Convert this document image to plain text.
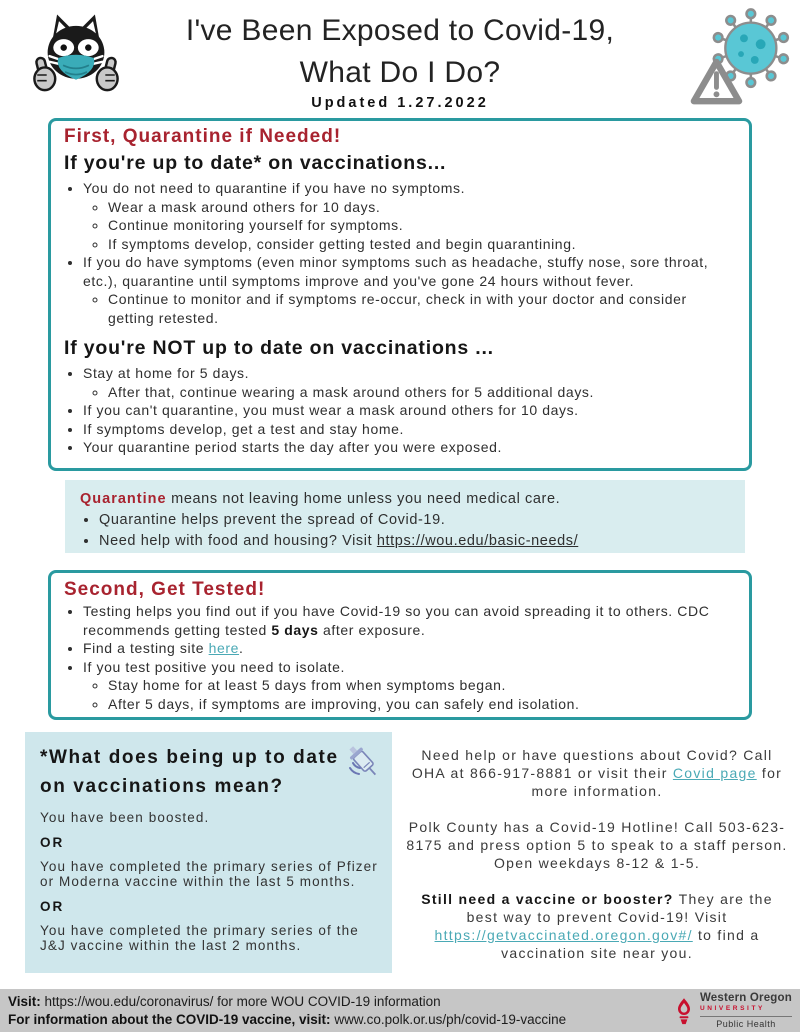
I've Been Exposed to Covid-19,
What Do I Do?
Updated 1.27.2022
First, Quarantine if Needed!
If you're up to date* on vaccinations...
• You do not need to quarantine if you have no symptoms.
◦ Wear a mask around others for 10 days.
◦ Continue monitoring yourself for symptoms.
◦ If symptoms develop, consider getting tested and begin quarantining.
• If you do have symptoms (even minor symptoms such as headache, stuffy nose, sore throat, etc.), quarantine until symptoms improve and you've gone 24 hours without fever.
◦ Continue to monitor and if symptoms re-occur, check in with your doctor and consider getting retested.
If you're NOT up to date on vaccinations ...
• Stay at home for 5 days.
◦ After that, continue wearing a mask around others for 5 additional days.
• If you can't quarantine, you must wear a mask around others for 10 days.
• If symptoms develop, get a test and stay home.
• Your quarantine period starts the day after you were exposed.
Quarantine means not leaving home unless you need medical care.
• Quarantine helps prevent the spread of Covid-19.
• Need help with food and housing? Visit https://wou.edu/basic-needs/
Second, Get Tested!
• Testing helps you find out if you have Covid-19 so you can avoid spreading it to others. CDC recommends getting tested 5 days after exposure.
• Find a testing site here.
• If you test positive you need to isolate.
◦ Stay home for at least 5 days from when symptoms began.
◦ After 5 days, if symptoms are improving, you can safely end isolation.
*What does being up to date
on vaccinations mean?

You have been boosted.

OR

You have completed the primary series of Pfizer or Moderna vaccine within the last 5 months.

OR

You have completed the primary series of the J&J vaccine within the last 2 months.

Need help or have questions about Covid? Call OHA at 866-917-8881 or visit their Covid page for more information.

Polk County has a Covid-19 Hotline! Call 503-623-8175 and press option 5 to speak to a staff person. Open weekdays 8-12 & 1-5.

Still need a vaccine or booster? They are the best way to prevent Covid-19! Visit https://getvaccinated.oregon.gov#/ to find a vaccination site near you.

Visit: https://wou.edu/coronavirus/ for more WOU COVID-19 information
For information about the COVID-19 vaccine, visit: www.co.polk.or.us/ph/covid-19-vaccine
Western Oregon
UNIVERSITY
Public Health
